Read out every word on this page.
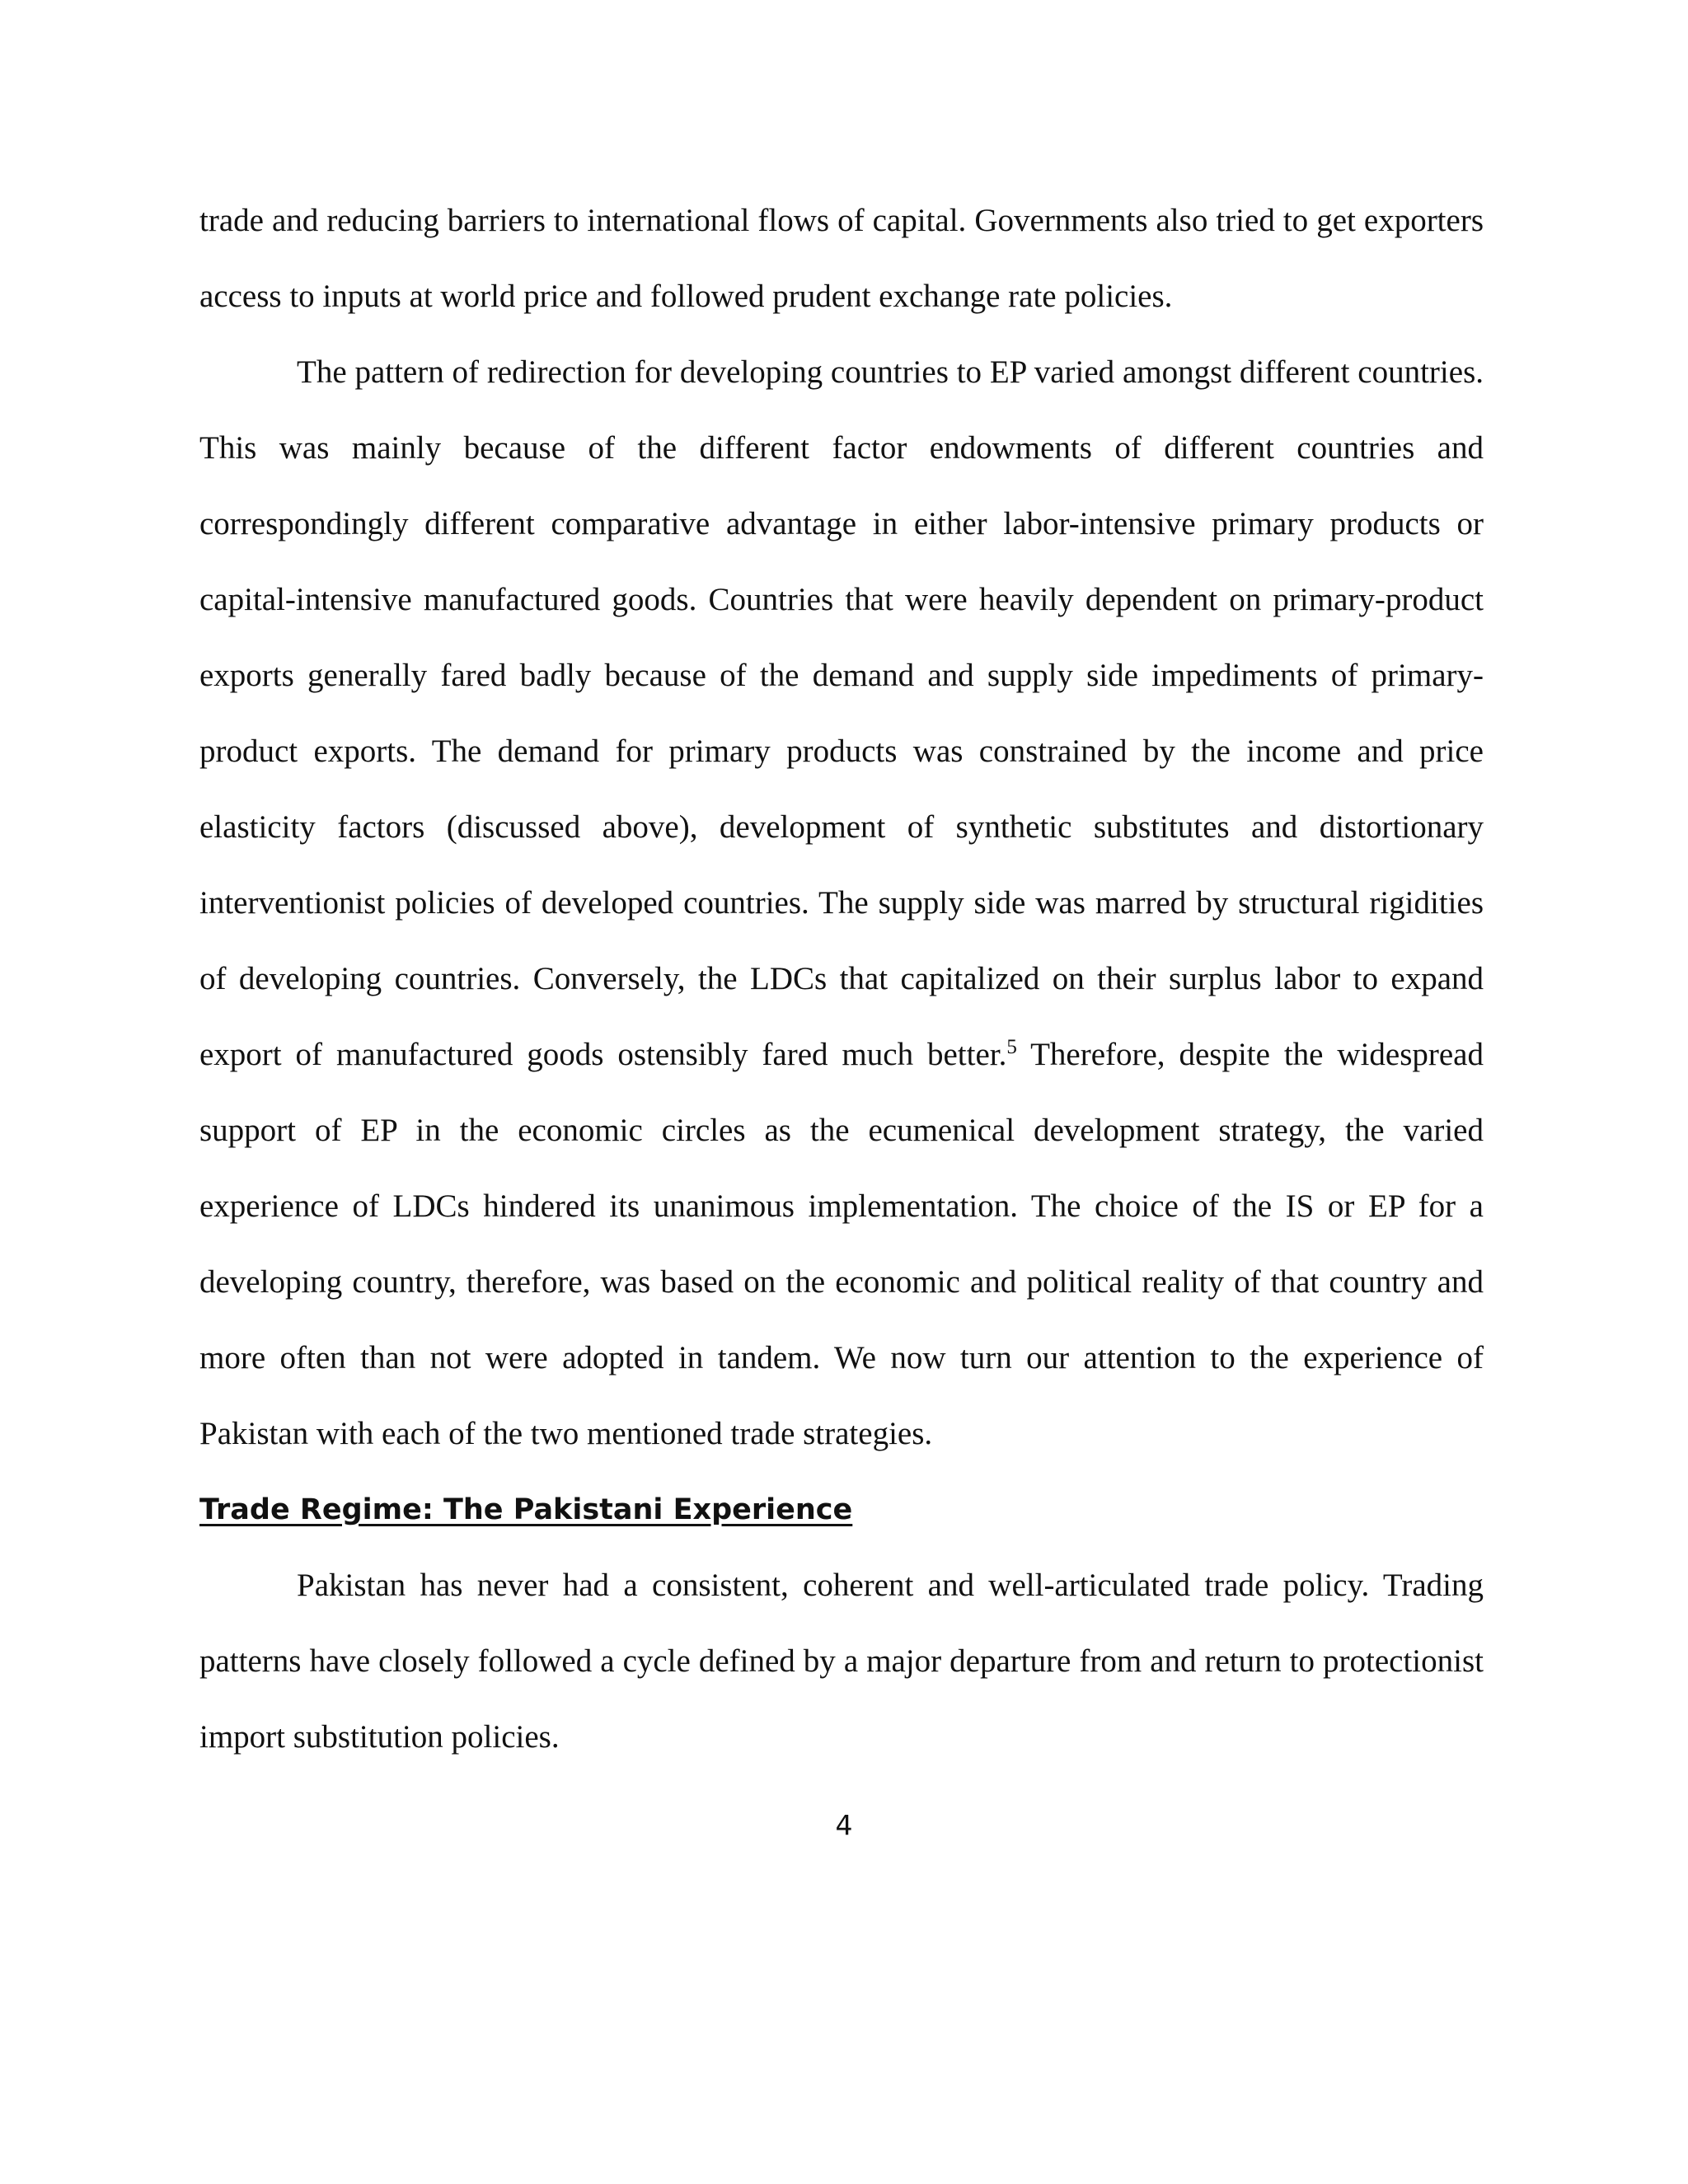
trade and reducing barriers to international flows of capital. Governments also tried to get exporters access to inputs at world price and followed prudent exchange rate policies.

The pattern of redirection for developing countries to EP varied amongst different countries. This was mainly because of the different factor endowments of different countries and correspondingly different comparative advantage in either labor-intensive primary products or capital-intensive manufactured goods. Countries that were heavily dependent on primary-product exports generally fared badly because of the demand and supply side impediments of primary-product exports. The demand for primary products was constrained by the income and price elasticity factors (discussed above), development of synthetic substitutes and distortionary interventionist policies of developed countries. The supply side was marred by structural rigidities of developing countries. Conversely, the LDCs that capitalized on their surplus labor to expand export of manufactured goods ostensibly fared much better.$^5$ Therefore, despite the widespread support of EP in the economic circles as the ecumenical development strategy, the varied experience of LDCs hindered its unanimous implementation. The choice of the IS or EP for a developing country, therefore, was based on the economic and political reality of that country and more often than not were adopted in tandem. We now turn our attention to the experience of Pakistan with each of the two mentioned trade strategies.

Trade Regime: The Pakistani Experience

Pakistan has never had a consistent, coherent and well-articulated trade policy. Trading patterns have closely followed a cycle defined by a major departure from and return to protectionist import substitution policies.

4
